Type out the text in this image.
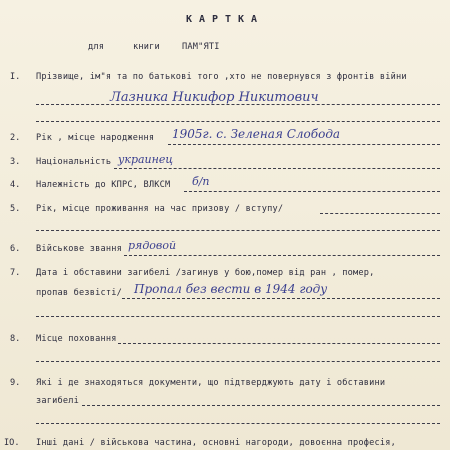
КАРТКА
для	книги	ПАМ"ЯТІ
I. Прізвище, ім"я та по батькові того ,хто не повернувся з фронтів війни
Лазника Никифор Никитович
2. Рік , місце народження 1905г. с. Зеленая Слобода
3. Національність украинец
4. Належність до КПРС, ВЛКСМ б/п
5. Рік, місце проживання на час призову / вступу/
6. Військове звання рядовой
7. Дата і обставини загибелі /загинув у бою,помер від ран , помер,
пропав безвісті/ Пропал без вести в 1944 году
8. Місце поховання
9. Які і де знаходяться документи, що підтверджують дату і обставини
загибелі
IO. Інші дані / військова частина, основні нагороди, довоєнна професія,
